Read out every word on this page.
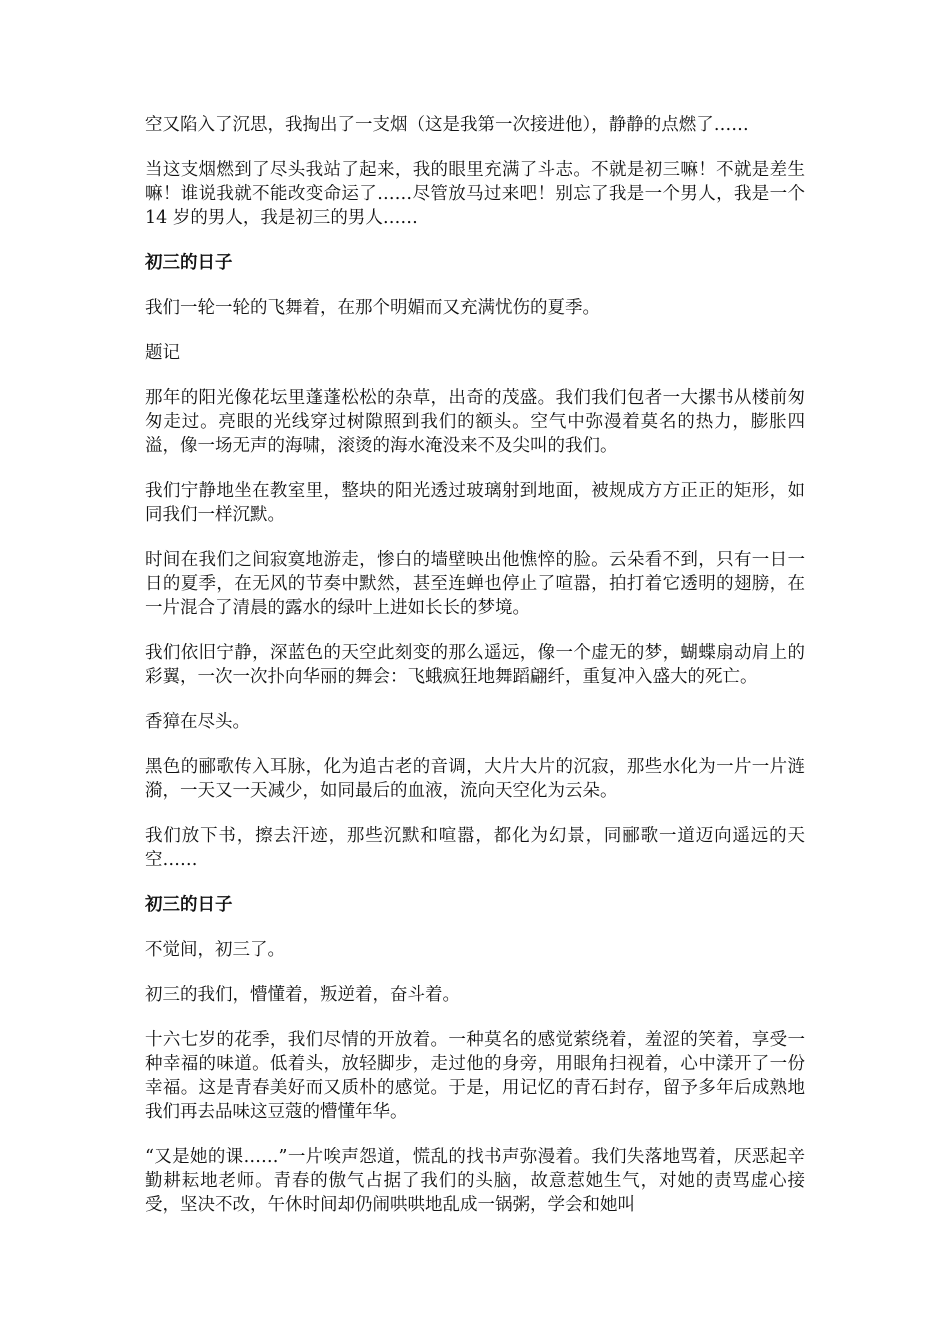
空又陷入了沉思，我掏出了一支烟（这是我第一次接进他），静静的点燃了……

当这支烟燃到了尽头我站了起来，我的眼里充满了斗志。不就是初三嘛！不就是差生嘛！谁说我就不能改变命运了……尽管放马过来吧！别忘了我是一个男人，我是一个 14 岁的男人，我是初三的男人……

初三的日子

我们一轮一轮的飞舞着，在那个明媚而又充满忧伤的夏季。

题记

那年的阳光像花坛里蓬蓬松松的杂草，出奇的茂盛。我们我们包者一大摞书从楼前匆匆走过。亮眼的光线穿过树隙照到我们的额头。空气中弥漫着莫名的热力，膨胀四溢，像一场无声的海啸，滚烫的海水淹没来不及尖叫的我们。

我们宁静地坐在教室里，整块的阳光透过玻璃射到地面，被规成方方正正的矩形，如同我们一样沉默。

时间在我们之间寂寞地游走，惨白的墙壁映出他憔悴的脸。云朵看不到，只有一日一日的夏季，在无风的节奏中默然，甚至连蝉也停止了喧嚣，拍打着它透明的翅膀，在一片混合了清晨的露水的绿叶上进如长长的梦境。

我们依旧宁静，深蓝色的天空此刻变的那么遥远，像一个虚无的梦，蝴蝶扇动肩上的彩翼，一次一次扑向华丽的舞会：飞蛾疯狂地舞蹈翩纤，重复冲入盛大的死亡。

香獐在尽头。

黑色的郦歌传入耳脉，化为追古老的音调，大片大片的沉寂，那些水化为一片一片涟漪，一天又一天减少，如同最后的血液，流向天空化为云朵。

我们放下书，擦去汗迹，那些沉默和喧嚣，都化为幻景，同郦歌一道迈向遥远的天空……

初三的日子

不觉间，初三了。

初三的我们，懵懂着，叛逆着，奋斗着。

十六七岁的花季，我们尽情的开放着。一种莫名的感觉萦绕着，羞涩的笑着，享受一种幸福的味道。低着头，放轻脚步，走过他的身旁，用眼角扫视着，心中漾开了一份幸福。这是青春美好而又质朴的感觉。于是，用记忆的青石封存，留予多年后成熟地我们再去品味这豆蔻的懵懂年华。

“又是她的课……”一片唉声怨道，慌乱的找书声弥漫着。我们失落地骂着，厌恶起辛勤耕耘地老师。青春的傲气占据了我们的头脑，故意惹她生气，对她的责骂虚心接受，坚决不改，午休时间却仍闹哄哄地乱成一锅粥，学会和她叫
